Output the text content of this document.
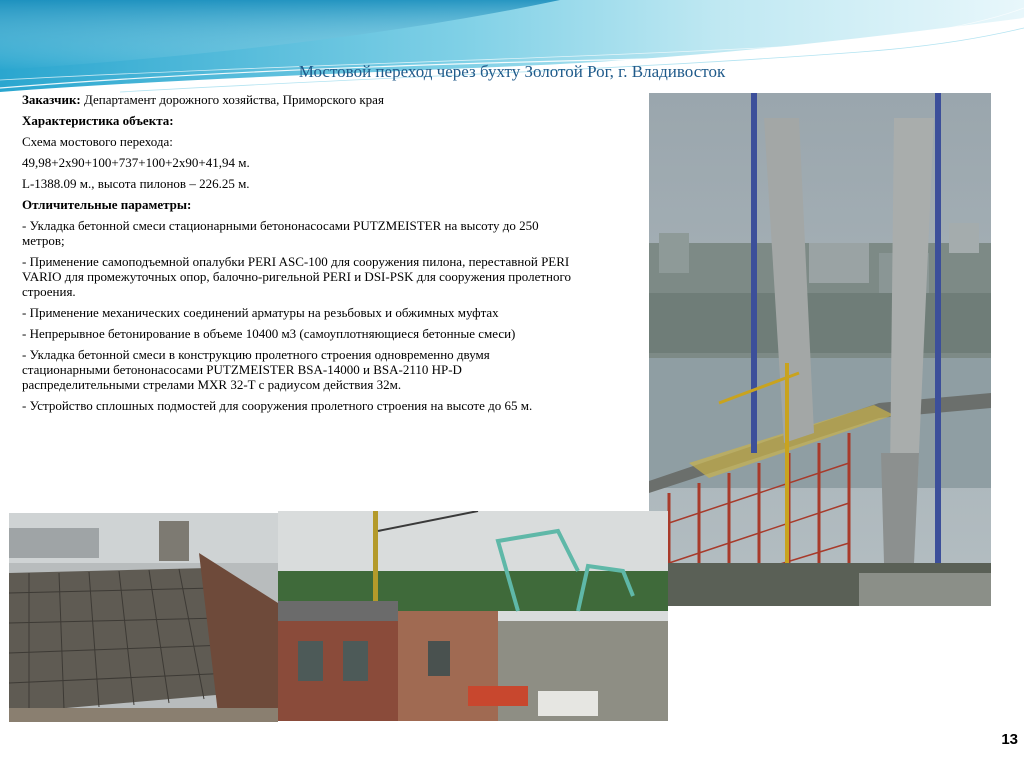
Мостовой переход через бухту Золотой Рог, г. Владивосток

Заказчик: Департамент дорожного хозяйства, Приморского края

Характеристика объекта:

Схема мостового перехода:

49,98+2х90+100+737+100+2х90+41,94 м.

L-1388.09 м., высота пилонов – 226.25 м.

Отличительные параметры:

- Укладка бетонной смеси стационарными бетононасосами PUTZMEISTER на высоту до 250 метров;

- Применение самоподъемной опалубки PERI ASC-100 для сооружения пилона, переставной PERI VARIO для промежуточных опор, балочно-ригельной PERI и DSI-PSK для сооружения пролетного строения.

- Применение механических соединений арматуры на резьбовых и обжимных муфтах

- Непрерывное бетонирование в объеме 10400 м3 (самоуплотняющиеся бетонные смеси)

- Укладка бетонной смеси в конструкцию пролетного строения одновременно двумя стационарными бетононасосами PUTZMEISTER BSA-14000 и BSA-2110 HP-D распределительными стрелами MXR 32-T с радиусом действия 32м.

- Устройство сплошных подмостей для сооружения пролетного строения на высоте до 65 м.

13
